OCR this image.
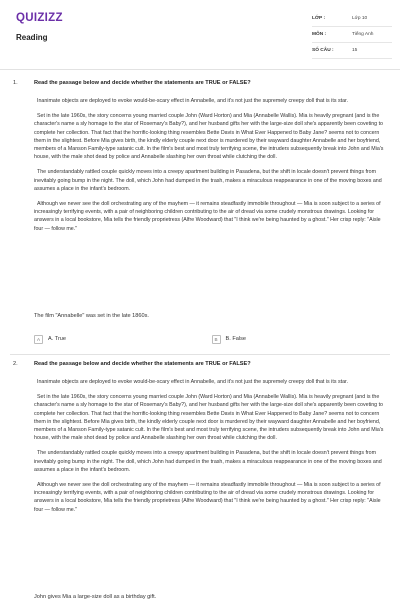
QUIZIZZ
Reading
LỚP :	Lớp 10
MÔN :	Tiếng Anh
SỐ CÂU :	15
1.	Read the passage below and decide whether the statements are TRUE or FALSE?

Inanimate objects are deployed to evoke would-be-scary effect in Annabelle, and it's not just the supremely creepy doll that is its star.

Set in the late 1960s, the story concerns young married couple John (Ward Horton) and Mia (Annabelle Wallis). Mia is heavily pregnant (and is the character's name a sly homage to the star of Rosemary's Baby?), and her husband gifts her with the large-size doll she's apparently been coveting to complete her collection. That fact that the horrific-looking thing resembles Bette Davis in What Ever Happened to Baby Jane? seems not to concern them in the slightest. Before Mia gives birth, the kindly elderly couple next door is murdered by their wayward daughter Annabelle and her boyfriend, members of a Manson Family-type satanic cult. In the film's best and most truly terrifying scene, the intruders subsequently break into John and Mia's house, with the male shot dead by police and Annabelle slashing her own throat while clutching the doll.

The understandably rattled couple quickly moves into a creepy apartment building in Pasadena, but the shift in locale doesn't prevent things from inevitably going bump in the night. The doll, which John had dumped in the trash, makes a miraculous reappearance in one of the moving boxes and assumes a place in the infant's bedroom.

Although we never see the doll orchestrating any of the mayhem — it remains steadfastly immobile throughout — Mia is soon subject to a series of increasingly terrifying events, with a pair of neighboring children contributing to the air of dread via some crudely monstrous drawings. Looking for answers in a local bookstore, Mia tells the friendly proprietress (Alfre Woodward) that "I think we're being haunted by a ghost." Her crisp reply: "Aisle four — follow me."

The film "Annabelle" was set in the late 1860s.
A	A. True	B	B. False
2.	Read the passage below and decide whether the statements are TRUE or FALSE?

Inanimate objects are deployed to evoke would-be-scary effect in Annabelle, and it's not just the supremely creepy doll that is its star.

Set in the late 1960s, the story concerns young married couple John (Ward Horton) and Mia (Annabelle Wallis). Mia is heavily pregnant (and is the character's name a sly homage to the star of Rosemary's Baby?), and her husband gifts her with the large-size doll she's apparently been coveting to complete her collection. That fact that the horrific-looking thing resembles Bette Davis in What Ever Happened to Baby Jane? seems not to concern them in the slightest. Before Mia gives birth, the kindly elderly couple next door is murdered by their wayward daughter Annabelle and her boyfriend, members of a Manson Family-type satanic cult. In the film's best and most truly terrifying scene, the intruders subsequently break into John and Mia's house, with the male shot dead by police and Annabelle slashing her own throat while clutching the doll.

The understandably rattled couple quickly moves into a creepy apartment building in Pasadena, but the shift in locale doesn't prevent things from inevitably going bump in the night. The doll, which John had dumped in the trash, makes a miraculous reappearance in one of the moving boxes and assumes a place in the infant's bedroom.

Although we never see the doll orchestrating any of the mayhem — it remains steadfastly immobile throughout — Mia is soon subject to a series of increasingly terrifying events, with a pair of neighboring children contributing to the air of dread via some crudely monstrous drawings. Looking for answers in a local bookstore, Mia tells the friendly proprietress (Alfre Woodward) that "I think we're being haunted by a ghost." Her crisp reply: "Aisle four — follow me."

John gives Mia a large-size doll as a birthday gift.
